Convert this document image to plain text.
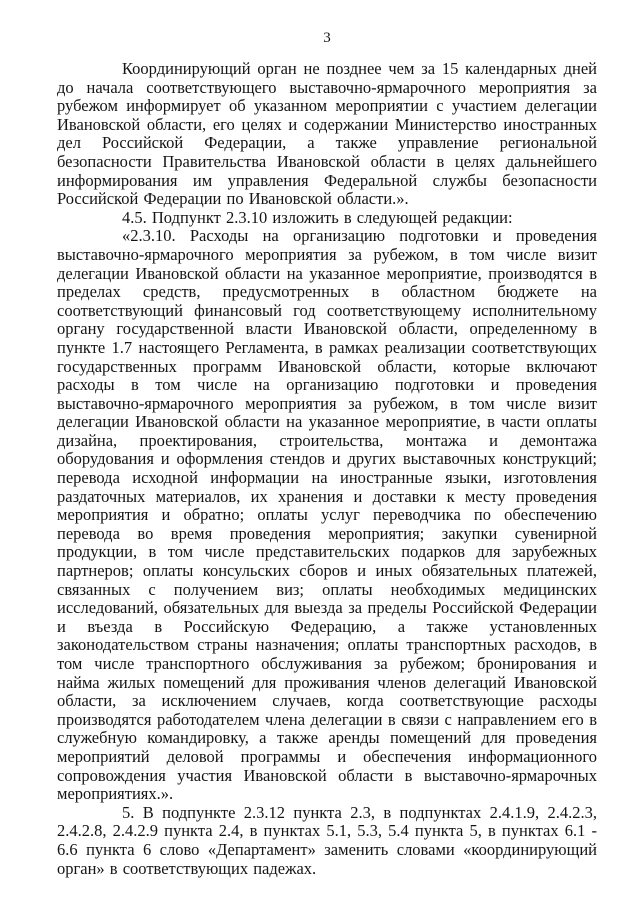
3

Координирующий орган не позднее чем за 15 календарных дней до начала соответствующего выставочно-ярмарочного мероприятия за рубежом информирует об указанном мероприятии с участием делегации Ивановской области, его целях и содержании Министерство иностранных дел Российской Федерации, а также управление региональной безопасности Правительства Ивановской области в целях дальнейшего информирования им управления Федеральной службы безопасности Российской Федерации по Ивановской области.».

4.5. Подпункт 2.3.10 изложить в следующей редакции:

«2.3.10. Расходы на организацию подготовки и проведения выставочно-ярмарочного мероприятия за рубежом, в том числе визит делегации Ивановской области на указанное мероприятие, производятся в пределах средств, предусмотренных в областном бюджете на соответствующий финансовый год соответствующему исполнительному органу государственной власти Ивановской области, определенному в пункте 1.7 настоящего Регламента, в рамках реализации соответствующих государственных программ Ивановской области, которые включают расходы в том числе на организацию подготовки и проведения выставочно-ярмарочного мероприятия за рубежом, в том числе визит делегации Ивановской области на указанное мероприятие, в части оплаты дизайна, проектирования, строительства, монтажа и демонтажа оборудования и оформления стендов и других выставочных конструкций; перевода исходной информации на иностранные языки, изготовления раздаточных материалов, их хранения и доставки к месту проведения мероприятия и обратно; оплаты услуг переводчика по обеспечению перевода во время проведения мероприятия; закупки сувенирной продукции, в том числе представительских подарков для зарубежных партнеров; оплаты консульских сборов и иных обязательных платежей, связанных с получением виз; оплаты необходимых медицинских исследований, обязательных для выезда за пределы Российской Федерации и въезда в Российскую Федерацию, а также установленных законодательством страны назначения; оплаты транспортных расходов, в том числе транспортного обслуживания за рубежом; бронирования и найма жилых помещений для проживания членов делегаций Ивановской области, за исключением случаев, когда соответствующие расходы производятся работодателем члена делегации в связи с направлением его в служебную командировку, а также аренды помещений для проведения мероприятий деловой программы и обеспечения информационного сопровождения участия Ивановской области в выставочно-ярмарочных мероприятиях.».

5. В подпункте 2.3.12 пункта 2.3, в подпунктах 2.4.1.9, 2.4.2.3, 2.4.2.8, 2.4.2.9 пункта 2.4, в пунктах 5.1, 5.3, 5.4 пункта 5, в пунктах 6.1 - 6.6 пункта 6 слово «Департамент» заменить словами «координирующий орган» в соответствующих падежах.
